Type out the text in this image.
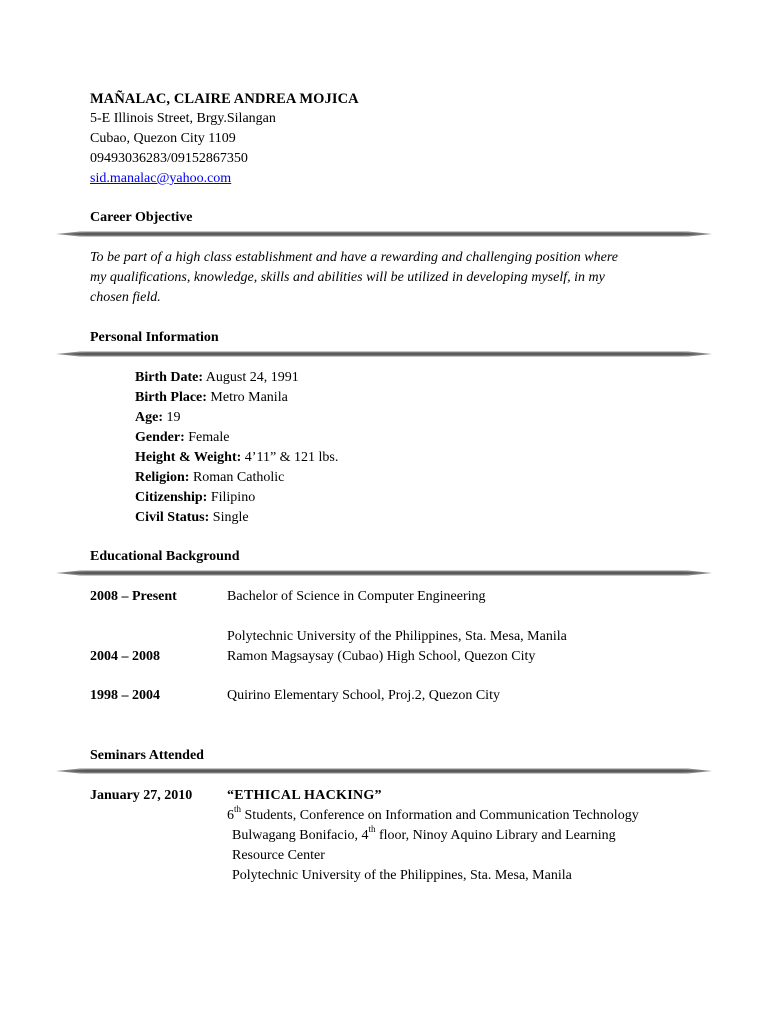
MAÑALAC, CLAIRE ANDREA MOJICA
5-E Illinois Street, Brgy.Silangan
Cubao, Quezon City 1109
09493036283/09152867350
sid.manalac@yahoo.com
Career Objective
To be part of a high class establishment and have a rewarding and challenging position where
my qualifications, knowledge, skills and abilities will be utilized in developing myself, in my
chosen field.
Personal Information
Birth Date: August 24, 1991
Birth Place: Metro Manila
Age: 19
Gender: Female
Height & Weight: 4’11” & 121 lbs.
Religion: Roman Catholic
Citizenship: Filipino
Civil Status: Single
Educational Background
2008 – Present	Bachelor of Science in Computer Engineering
Polytechnic University of the Philippines, Sta. Mesa, Manila
2004 – 2008	Ramon Magsaysay (Cubao) High School, Quezon City
1998 – 2004	Quirino Elementary School, Proj.2, Quezon City
Seminars Attended
January 27, 2010 “ETHICAL HACKING”
6th Students, Conference on Information and Communication Technology
Bulwagang Bonifacio, 4th floor, Ninoy Aquino Library and Learning
Resource Center
Polytechnic University of the Philippines, Sta. Mesa, Manila
